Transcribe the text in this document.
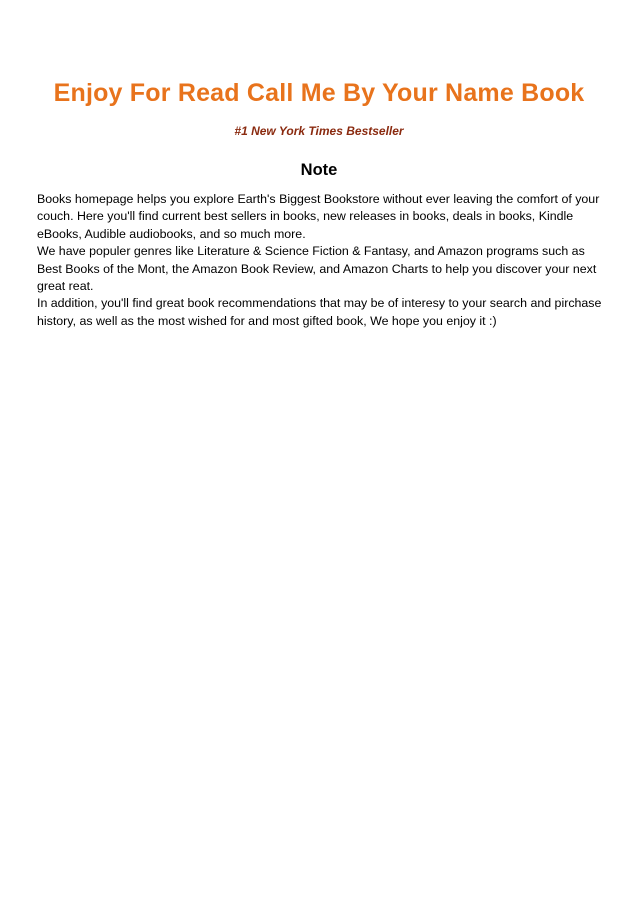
Enjoy For Read Call Me By Your Name Book
#1 New York Times Bestseller
Note

Books homepage helps you explore Earth's Biggest Bookstore without ever leaving the comfort of your couch. Here you'll find current best sellers in books, new releases in books, deals in books, Kindle eBooks, Audible audiobooks, and so much more.

We have populer genres like Literature & Science Fiction & Fantasy, and Amazon programs such as Best Books of the Mont, the Amazon Book Review, and Amazon Charts to help you discover your next great reat.

In addition, you'll find great book recommendations that may be of interesy to your search and pirchase history, as well as the most wished for and most gifted book, We hope you enjoy it :)
